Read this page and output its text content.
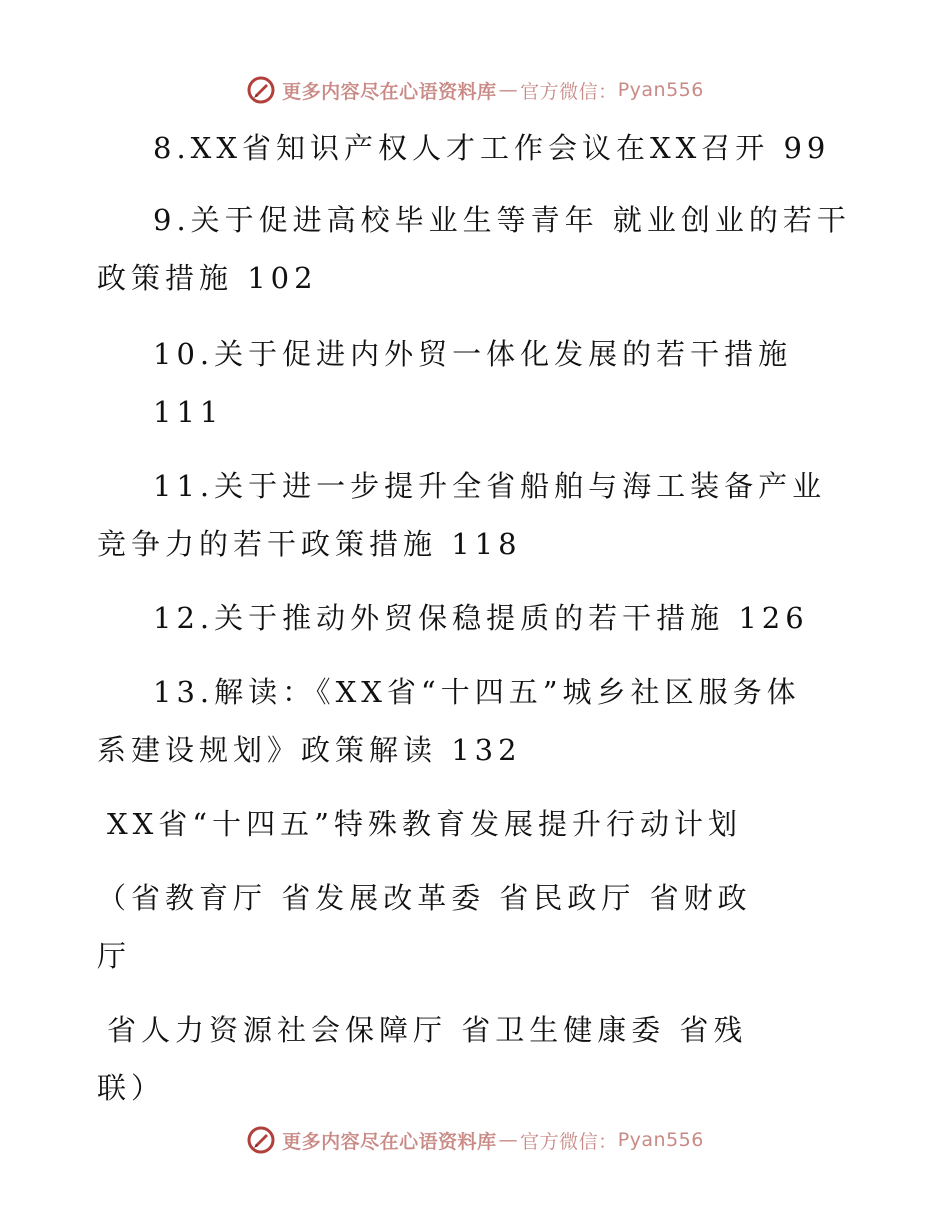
更多内容尽在心语资料库 — 官方微信： Pyan556
8.XX省知识产权人才工作会议在XX召开 99
9.关于促进高校毕业生等青年 就业创业的若干
政策措施 102
10.关于促进内外贸一体化发展的若干措施
111
11.关于进一步提升全省船舶与海工装备产业
竞争力的若干政策措施 118
12.关于推动外贸保稳提质的若干措施 126
13.解读：《XX省“十四五”城乡社区服务体
系建设规划》政策解读 132
XX省“十四五”特殊教育发展提升行动计划
（省教育厅 省发展改革委 省民政厅 省财政
厅
省人力资源社会保障厅 省卫生健康委 省残
联）
更多内容尽在心语资料库 — 官方微信： Pyan556
